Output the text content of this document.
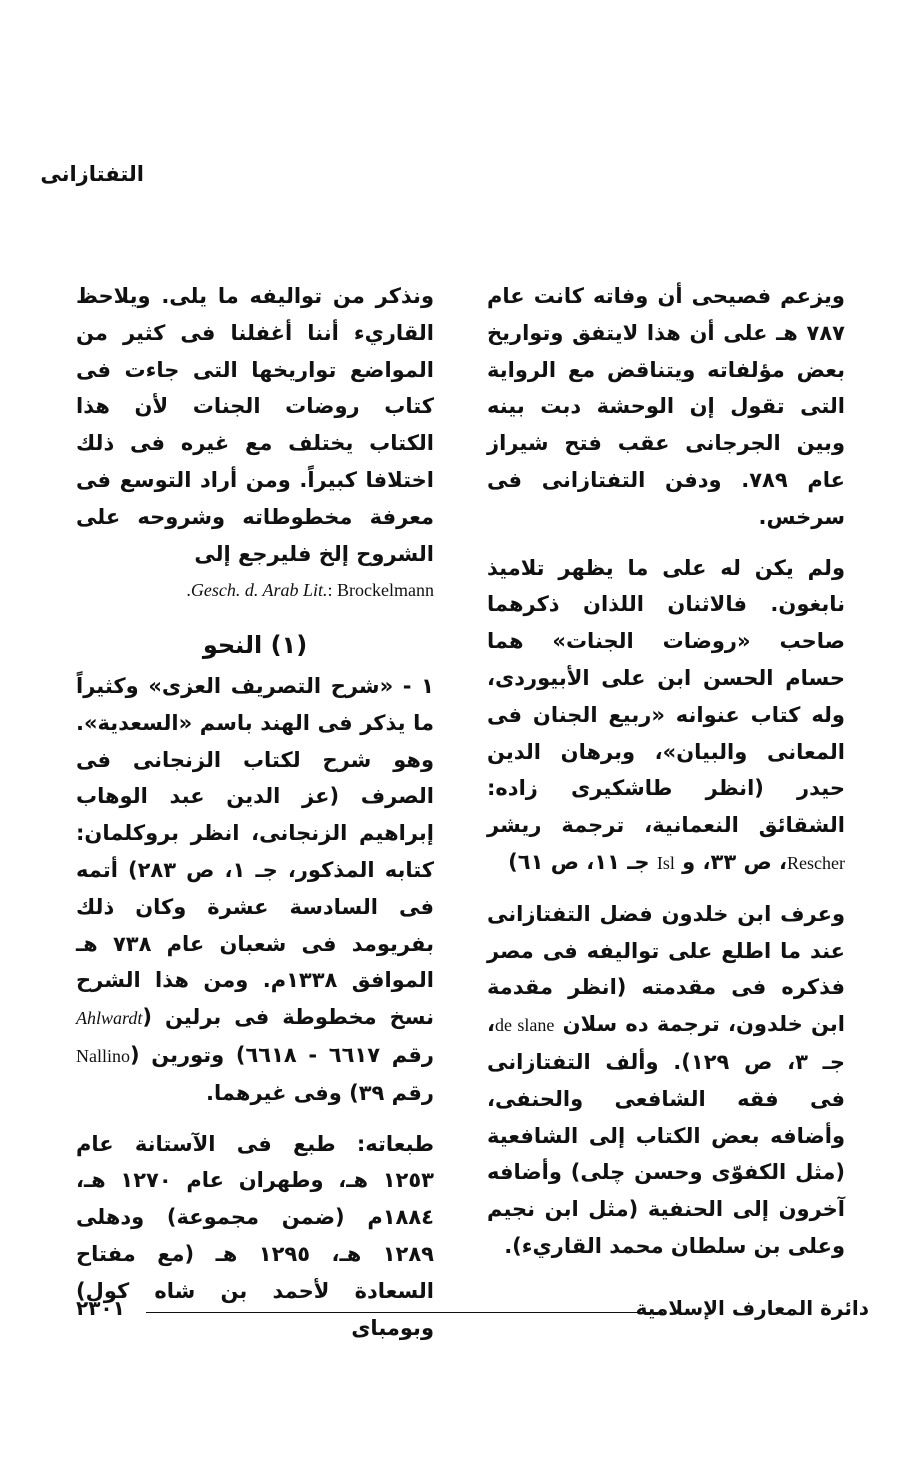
التفتازانى

ويزعم فصيحى أن وفاته كانت عام ٧٨٧ هـ على أن هذا لايتفق وتواريخ بعض مؤلفاته ويتناقض مع الرواية التى تقول إن الوحشة دبت بينه وبين الجرجانى عقب فتح شيراز عام ٧٨٩. ودفن التفتازانى فى سرخس.

ولم يكن له على ما يظهر تلاميذ نابغون. فالاثنان اللذان ذكرهما صاحب «روضات الجنات» هما حسام الحسن ابن على الأبيوردى، وله كتاب عنوانه «ربيع الجنان فى المعانى والبيان»، وبرهان الدين حيدر (انظر طاشكيرى زاده: الشقائق النعمانية، ترجمة ريشر Rescher، ص ٣٣، و Isl جـ ١١، ص ٦١)

وعرف ابن خلدون فضل التفتازانى عند ما اطلع على تواليفه فى مصر فذكره فى مقدمته (انظر مقدمة ابن خلدون، ترجمة ده سلان de slane، جـ ٣، ص ١٢٩). وألف التفتازانى فى فقه الشافعى والحنفى، وأضافه بعض الكتاب إلى الشافعية (مثل الكفوّى وحسن چلى) وأضافه آخرون إلى الحنفية (مثل ابن نجيم وعلى بن سلطان محمد القاريء).

ونذكر من تواليفه ما يلى. ويلاحظ القاريء أننا أغفلنا فى كثير من المواضع تواريخها التى جاءت فى كتاب روضات الجنات لأن هذا الكتاب يختلف مع غيره فى ذلك اختلافا كبيراً. ومن أراد التوسع فى معرفة مخطوطاته وشروحه على الشروح إلخ فليرجع إلى

.Gesch. d. Arab Lit.: Brockelmann
(١) النحو

١ - «شرح التصريف العزى» وكثيراً ما يذكر فى الهند باسم «السعدية». وهو شرح لكتاب الزنجانى فى الصرف (عز الدين عبد الوهاب إبراهيم الزنجانى، انظر بروكلمان: كتابه المذكور، جـ ١، ص ٢٨٣) أتمه فى السادسة عشرة وكان ذلك بفريومد فى شعبان عام ٧٣٨ هـ الموافق ١٣٣٨م. ومن هذا الشرح نسخ مخطوطة فى برلين (Ahlwardt رقم ٦٦١٧ - ٦٦١٨) وتورين (Nallino رقم ٣٩) وفى غيرهما.

طبعاته: طبع فى الآستانة عام ١٢٥٣ هـ، وطهران عام ١٢٧٠ هـ، ١٨٨٤م (ضمن مجموعة) ودهلى ١٢٨٩ هـ، ١٢٩٥ هـ (مع مفتاح السعادة لأحمد بن شاه كول) وبومباى

دائرة المعارف الإسلامية
٢٣٠١
